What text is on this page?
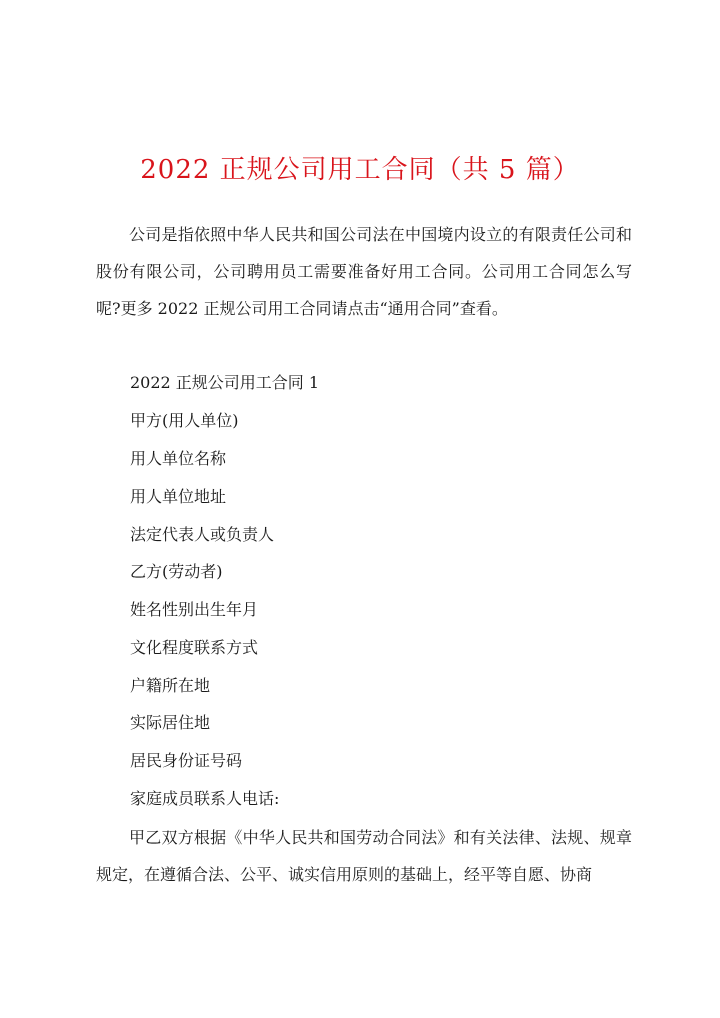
2022 正规公司用工合同（共 5 篇）

公司是指依照中华人民共和国公司法在中国境内设立的有限责任公司和股份有限公司，公司聘用员工需要准备好用工合同。公司用工合同怎么写呢?更多 2022 正规公司用工合同请点击“通用合同”查看。

2022 正规公司用工合同 1

甲方(用人单位)

用人单位名称

用人单位地址

法定代表人或负责人

乙方(劳动者)

姓名性别出生年月

文化程度联系方式

户籍所在地

实际居住地

居民身份证号码

家庭成员联系人电话:

甲乙双方根据《中华人民共和国劳动合同法》和有关法律、法规、规章规定，在遵循合法、公平、诚实信用原则的基础上，经平等自愿、协商
